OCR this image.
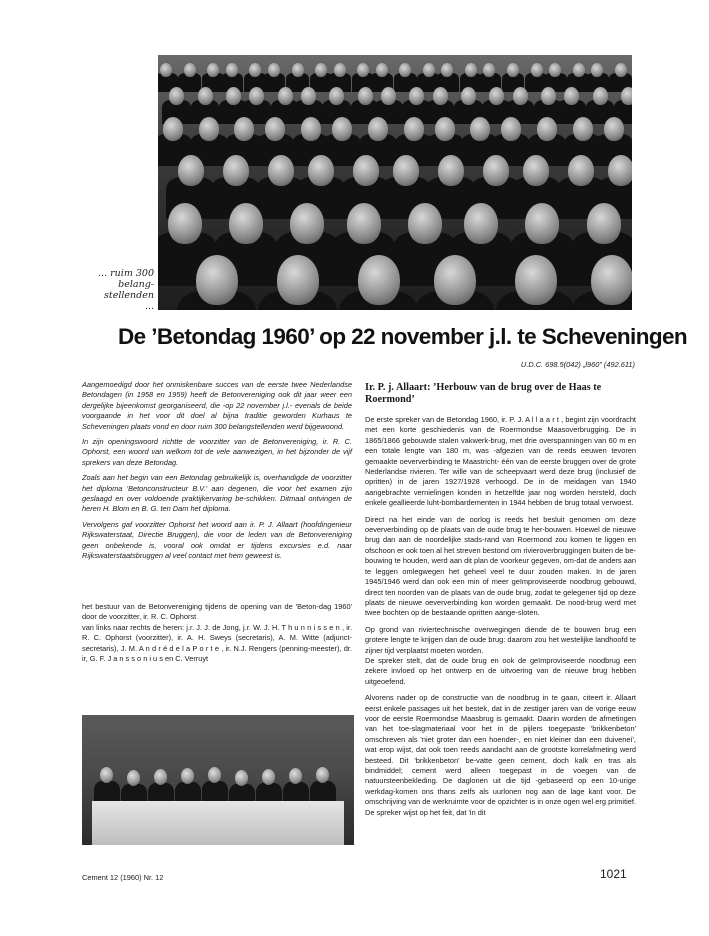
... ruim 300 belang- stellenden ...
De ’Betondag 1960’ op 22 november j.l. te Scheveningen
U.D.C. 698.5(042) „l960” (492.611)

Aangemoedigd door het onmiskenbare succes van de eerste twee Nederlandse Betondagen (in 1958 en 1959) heeft de Betonvereniging ook dit jaar weer een dergelijke bijeenkomst georganiseerd, die -op 22 november j.l.- evenals de beide voorgaande in het voor dit doel al bijna traditie geworden Kurhaus te Scheveningen plaats vond en door ruim 300 belangstellenden werd bijgewoond.

In zijn openingswoord richtte de voorzitter van de Betonvereniging, ir. R. C. Ophorst, een woord van welkom tot de vele aanwezigen, in het bijzonder de vijf sprekers van deze Betondag.

Zoals aan het begin van een Betondag gebruikelijk is, overhandigde de voorzitter het diploma 'Betonconstructeur B.V.' aan degenen, die voor het examen zijn geslaagd en over voldoende praktijkervaring be-schikken. Ditmaal ontvingen de heren H. Blom en B. G. ten Dam het diploma.

Vervolgens gaf voorzitter Ophorst het woord aan ir. P. J. Allaart (hoofdingenieur Rijkswaterstaat, Directie Bruggen), die voor de leden van de Betonvereniging geen onbekende is, vooral ook omdat er tijdens excursies e.d. naar Rijkswaterstaatsbruggen al veel contact met hem geweest is.

het bestuur van de Betonvereniging tijdens de opening van de 'Beton-dag 1960' door de voorzitter, ir. R. C. Ophorst

van links naar rechts de heren: j.r. J. J. de Jong, j.r. W. J. H. T h u n n i s s e n , ir. R. C. Ophorst (voorzitter), ir. A. H. Sweys (secretaris), A. M. Witte (adjunct-secretaris), J. M. A n d r é d e l a P o r t e , ir. N.J. Rengers (penning-meester), dr. ir, G. F. J a n s s o n i u s en C. Verruyt

Ir. P. j. Allaart: ’Herbouw van de brug over de Haas te Roermond’

De erste spreker van de Betondag 1960, ir. P. J. A l l a a r t , begint zijn voordracht met een korte geschiedenis van de Roermondse Maasoverbrugging. De in 1865/1866 gebouwde stalen vakwerk-brug, met drie overspanningen van 60 m en een totale lengte van 180 m, was -afgezien van de reeds eeuwen tevoren gemaakte oeververbinding te Maastricht- één van de eerste bruggen over de grote Nederlandse rivieren. Ter wille van de scheepvaart werd deze brug (inclusief de opritten) in de jaren 1927/1928 verhoogd. De in de meidagen van 1940 aangebrachte vernielingen konden in hetzelfde jaar nog worden hersteld, doch enkele geallieerde luht-bombardementen in 1944 hebben de brug totaal verwoest.

Direct na het einde van de oorlog is reeds het besluit genomen om deze oeververbinding op de plaats van de oude brug te her-bouwen. Hoewel de nieuwe brug dan aan de noordelijke stads-rand van Roermond zou komen te liggen en ofschoon er ook toen al het streven bestond om rivieroverbruggingen buiten de be-bouwing te houden, werd aan dit plan de voorkeur gegeven, om-dat de anders aan te leggen omlegwegen het geheel veel te duur zouden maken. In de jaren 1945/1946 werd dan ook een min of meer geïmproviseerde noodbrug gebouwd, direct ten noorden van de plaats van de oude brug, zodat te gelegener tijd op deze plaats de nieuwe oeververbinding kon worden gemaakt. De nood-brug werd met twee bochten op de bestaande opritten aange-sloten.

Op grond van riviertechnische overwegingen diende de te bouwen brug een grotere lengte te krijgen dan de oude brug: daarom zou het westelijke landhoofd te zijner tijd verplaatst moeten worden.

De spreker stelt, dat de oude brug en ook de geïmproviseerde noodbrug een zekere invloed op het ontwerp en de uitvoering van de nieuwe brug hebben uitgeoefend.

Alvorens nader op de constructie van de noodbrug in te gaan, citeert ir. Allaart eerst enkele passages uit het bestek, dat in de zestiger jaren van de vorige eeuw voor de eerste Roermondse Maasbrug is gemaakt. Daarin worden de afmetingen van het toe-slagmateriaal voor het in de pijlers toegepaste 'brikkenbeton' omschreven als 'niet groter dan een hoender-, en niet kleiner dan een duiveneí', wat erop wijst, dat ook toen reeds aandacht aan de grootste korrelafmeting werd besteed. Dit 'brikkenbeton' be-vatte geen cement, doch kalk en tras als bindmiddel; cement werd alleen toegepast in de voegen van de natuursteenbekleding. De daglonen uit die tijd -gebaseerd op een 10-urige werkdag-komen ons thans zeIfs als uurlonen nog aan de lage kant voor. De omschrijving van de werkruimte voor de opzichter is in onze ogen wel erg primitief. De spreker wijst op het feit, dat 'in dit

Cement 12 (1960) Nr. 12	1021
